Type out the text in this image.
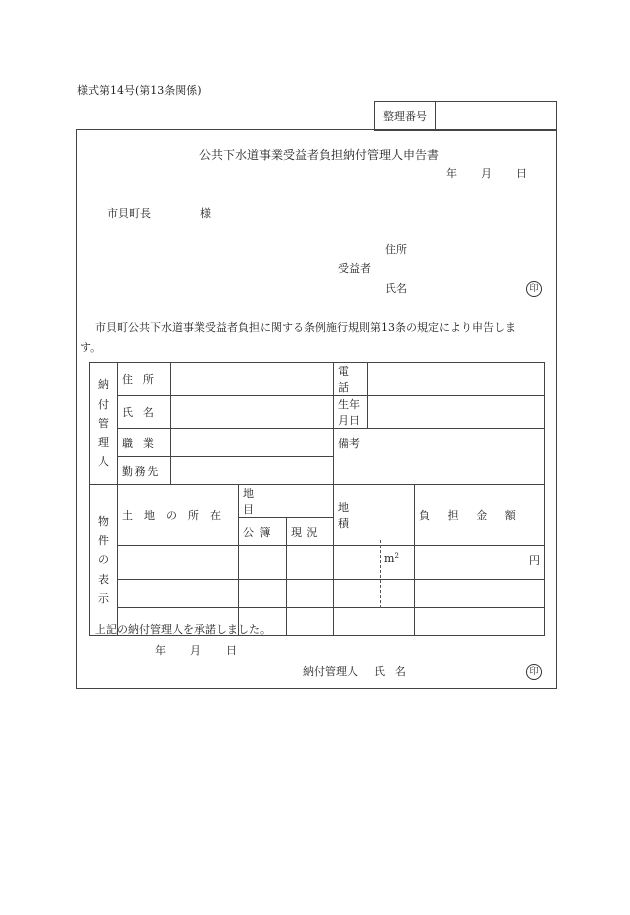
様式第14号(第13条関係)
整理番号	
公共下水道事業受益者負担納付管理人申告書
年 月 日
市貝町長	様
住所
受益者
氏名	印
市貝町公共下水道事業受益者負担に関する条例施行規則第13条の規定により申告しま
す。
納
付
管
理
人	住所				電話		
	氏名				生年月日		
	職業				備考		
	勤務先						
物
件
の
表
示	土地の所在		地目		地積		負担金額
			公簿	現況			
					$m^2$		円

上記の納付管理人を承諾しました。
年 月 日
納付管理人 氏名	印
